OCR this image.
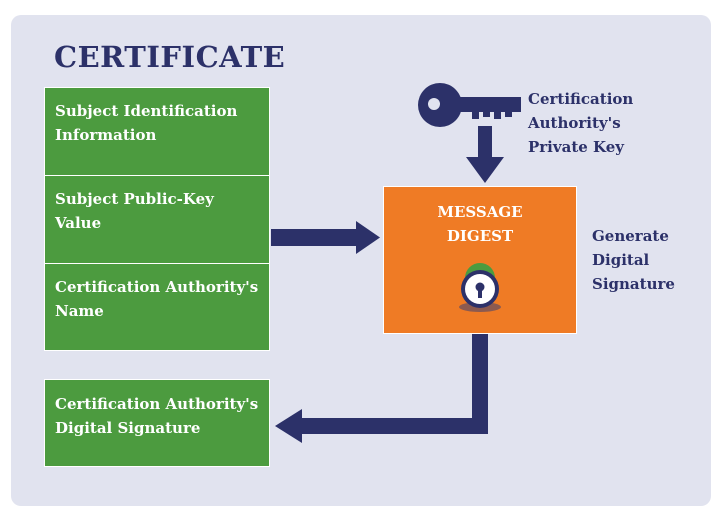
CERTIFICATE
Subject Identification
Information
Subject Public-Key
Value
Certification Authority's
Name
Certification Authority's
Digital Signature
MESSAGE
DIGEST
Certification
Authority's
Private Key
Generate
Digital
Signature
